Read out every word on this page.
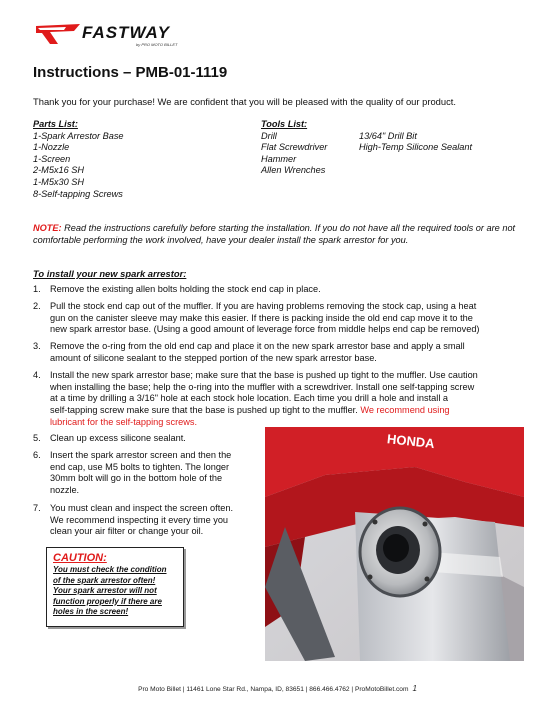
FASTWAY
by PRO MOTO BILLET
Instructions – PMB-01-1119
Thank you for your purchase! We are confident that you will be pleased with the quality of our product.
Parts List:
1-Spark Arrestor Base
1-Nozzle
1-Screen
2-M5x16 SH
1-M5x30 SH
8-Self-tapping Screws
Tools List:
Drill
Flat Screwdriver
Hammer
Allen Wrenches
13/64" Drill Bit
High-Temp Silicone Sealant
NOTE: Read the instructions carefully before starting the installation. If you do not have all the required tools or are not comfortable performing the work involved, have your dealer install the spark arrestor for you.
To install your new spark arrestor:
1. Remove the existing allen bolts holding the stock end cap in place.
2. Pull the stock end cap out of the muffler. If you are having problems removing the stock cap, using a heat
gun on the canister sleeve may make this easier. If there is packing inside the old end cap move it to the
new spark arrestor base. (Using a good amount of leverage force from middle helps end cap be removed)
3. Remove the o-ring from the old end cap and place it on the new spark arrestor base and apply a small
amount of silicone sealant to the stepped portion of the new spark arrestor base.
4. Install the new spark arrestor base; make sure that the base is pushed up tight to the muffler. Use caution
when installing the base; help the o-ring into the muffler with a screwdriver. Install one self-tapping screw
at a time by drilling a 3/16" hole at each stock hole location. Each time you drill a hole and install a
self-tapping screw make sure that the base is pushed up tight to the muffler. We recommend using
lubricant for the self-tapping screws.
5. Clean up excess silicone sealant.
6. Insert the spark arrestor screen and then the
end cap, use M5 bolts to tighten. The longer
30mm bolt will go in the bottom hole of the
nozzle.
7. You must clean and inspect the screen often.
We recommend inspecting it every time you
clean your air filter or change your oil.
HONDA
CAUTION:
You must check the condition
of the spark arrestor often!
Your spark arrestor will not
function properly if there are
holes in the screen!
Pro Moto Billet | 11461 Lone Star Rd., Nampa, ID, 83651 | 866.466.4762 | ProMotoBillet.com 1
